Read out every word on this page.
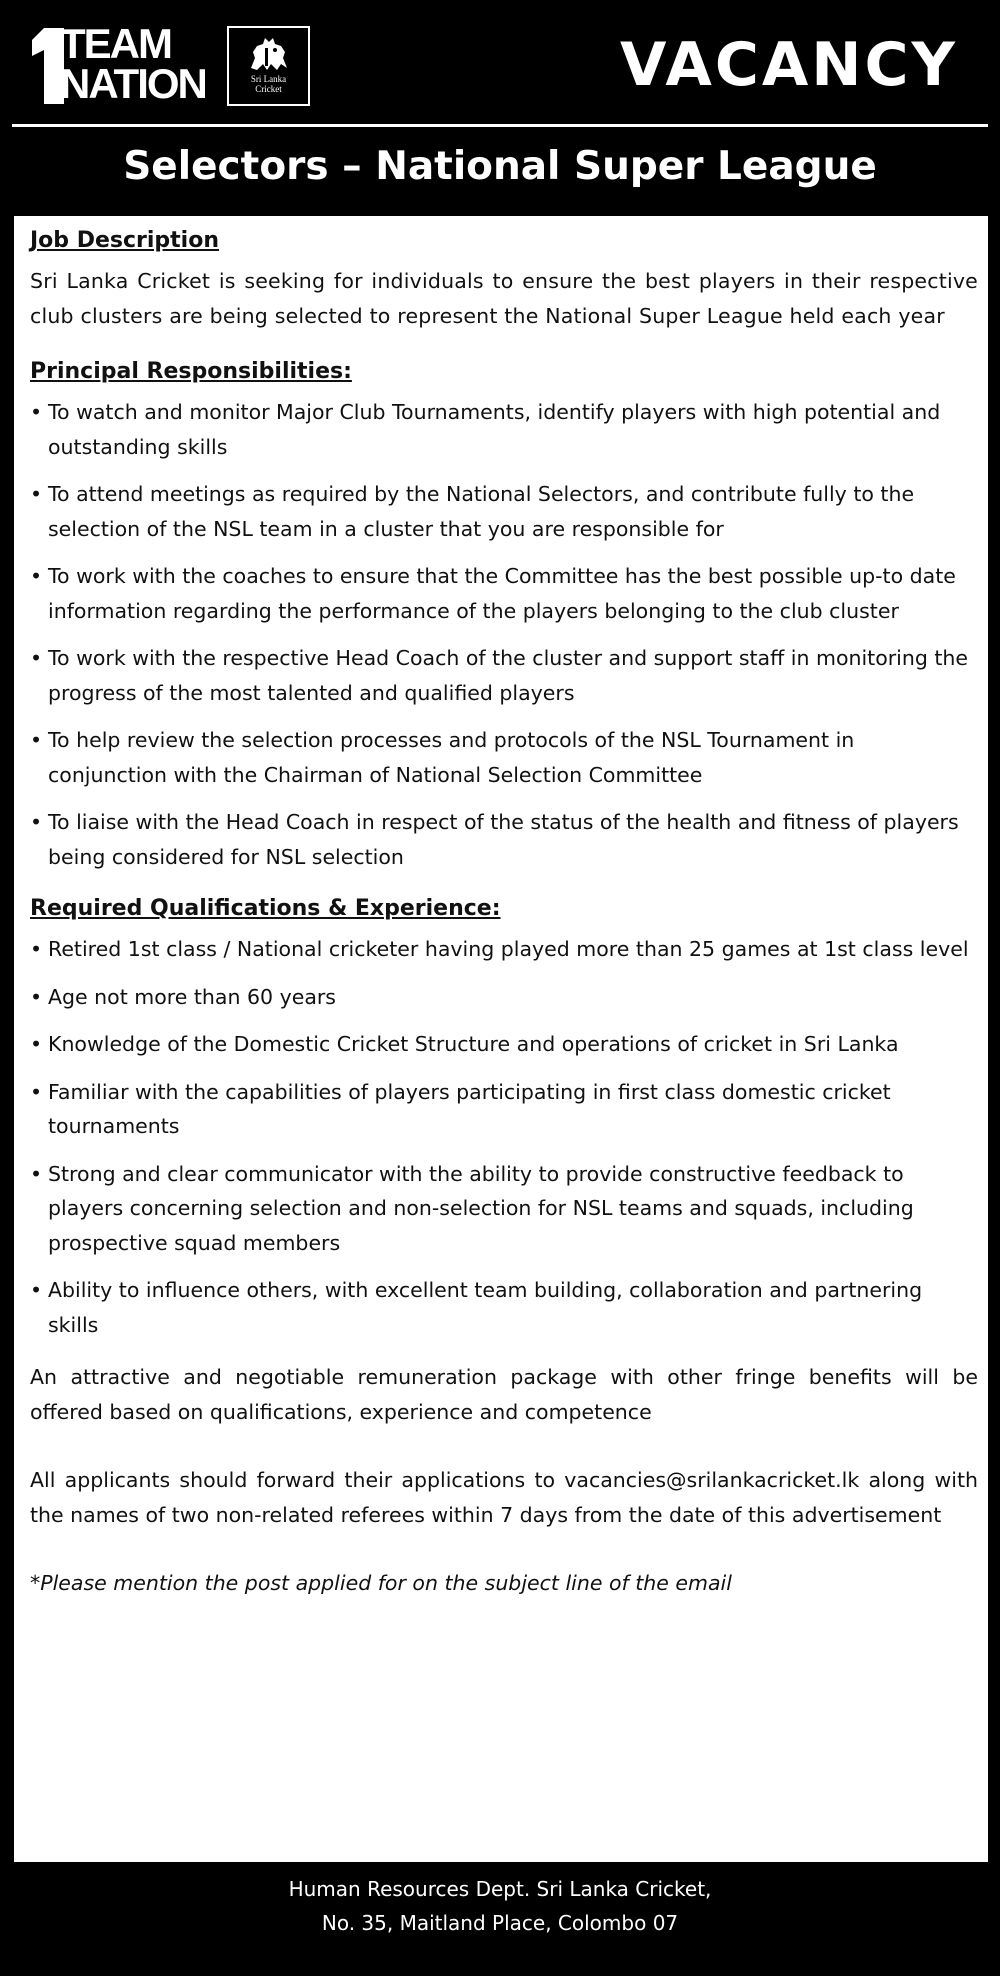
TEAM
NATION	Sri Lanka
Cricket	VACANCY
Selectors – National Super League
Job Description

Sri Lanka Cricket is seeking for individuals to ensure the best players in their respective club clusters are being selected to represent the National Super League held each year

Principal Responsibilities:
• To watch and monitor Major Club Tournaments, identify players with high potential and outstanding skills
• To attend meetings as required by the National Selectors, and contribute fully to the selection of the NSL team in a cluster that you are responsible for
• To work with the coaches to ensure that the Committee has the best possible up-to date information regarding the performance of the players belonging to the club cluster
• To work with the respective Head Coach of the cluster and support staff in monitoring the progress of the most talented and qualified players
• To help review the selection processes and protocols of the NSL Tournament in conjunction with the Chairman of National Selection Committee
• To liaise with the Head Coach in respect of the status of the health and fitness of players being considered for NSL selection
Required Qualifications & Experience:
• Retired 1st class / National cricketer having played more than 25 games at 1st class level
• Age not more than 60 years
• Knowledge of the Domestic Cricket Structure and operations of cricket in Sri Lanka
• Familiar with the capabilities of players participating in first class domestic cricket tournaments
• Strong and clear communicator with the ability to provide constructive feedback to players concerning selection and non-selection for NSL teams and squads, including prospective squad members
• Ability to influence others, with excellent team building, collaboration and partnering skills

An attractive and negotiable remuneration package with other fringe benefits will be offered based on qualifications, experience and competence

All applicants should forward their applications to vacancies@srilankacricket.lk along with the names of two non-related referees within 7 days from the date of this advertisement

*Please mention the post applied for on the subject line of the email

Human Resources Dept. Sri Lanka Cricket,
No. 35, Maitland Place, Colombo 07
